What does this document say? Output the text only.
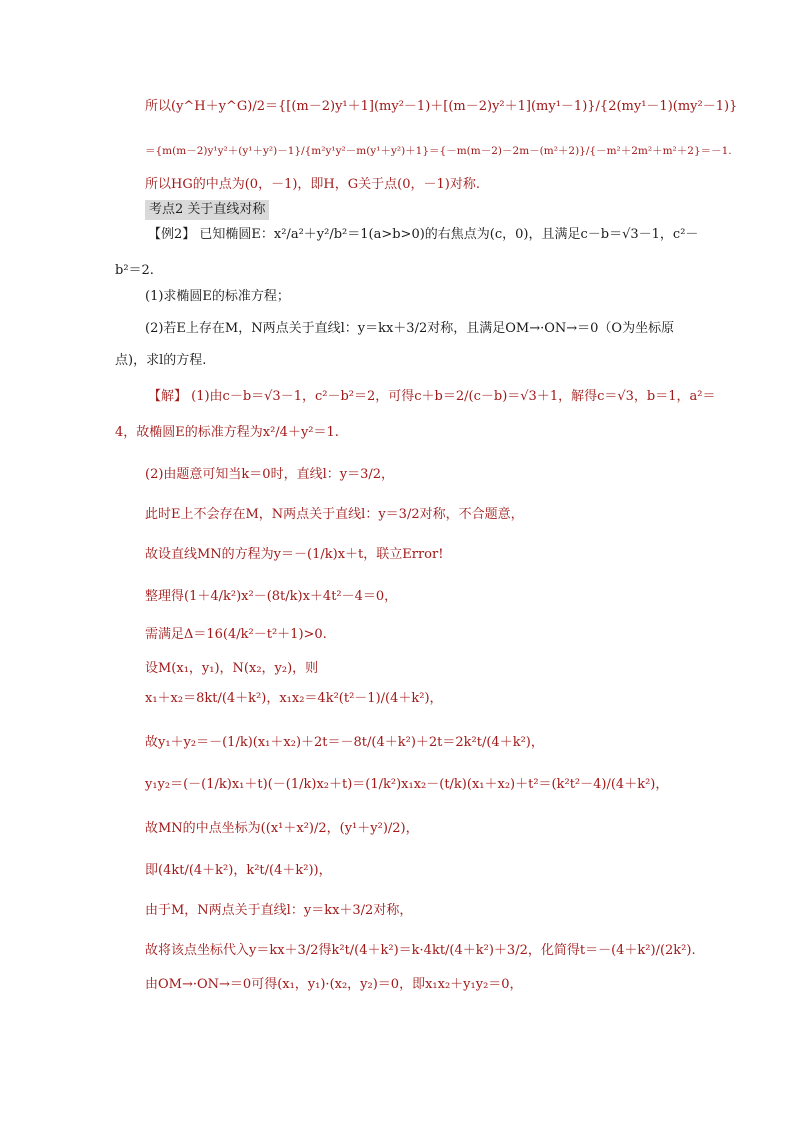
所以(y^H＋y^G)/2＝{[(m－2)y¹＋1](my²－1)＋[(m－2)y²＋1](my¹－1)}/{2(my¹－1)(my²－1)}
＝{m(m－2)y¹y²＋(y¹＋y²)－1}/{m²y¹y²－m(y¹＋y²)＋1}＝{－m(m－2)－2m－(m²＋2)}/{－m²＋2m²＋m²＋2}＝－1.
所以HG的中点为(0，－1)，即H，G关于点(0，－1)对称.
考点2 关于直线对称
【例2】 已知椭圆E：x²/a²＋y²/b²＝1(a>b>0)的右焦点为(c，0)，且满足c－b＝√3－1，c²－
b²＝2.
(1)求椭圆E的标准方程；
(2)若E上存在M，N两点关于直线l：y＝kx＋3/2对称，且满足OM→·ON→＝0（O为坐标原
点)，求l的方程.
【解】 (1)由c－b＝√3－1，c²－b²＝2，可得c＋b＝2/(c－b)＝√3＋1，解得c＝√3，b＝1，a²＝
4，故椭圆E的标准方程为x²/4＋y²＝1.
(2)由题意可知当k＝0时，直线l：y＝3/2，
此时E上不会存在M，N两点关于直线l：y＝3/2对称，不合题意，
故设直线MN的方程为y＝－(1/k)x＋t，联立Error!
整理得(1＋4/k²)x²－(8t/k)x＋4t²－4＝0，
需满足Δ＝16(4/k²－t²＋1)>0.
设M(x₁，y₁)，N(x₂，y₂)，则
x₁＋x₂＝8kt/(4＋k²)，x₁x₂＝4k²(t²－1)/(4＋k²)，
故y₁＋y₂＝－(1/k)(x₁＋x₂)＋2t＝－8t/(4＋k²)＋2t＝2k²t/(4＋k²)，
y₁y₂＝(－(1/k)x₁＋t)(－(1/k)x₂＋t)＝(1/k²)x₁x₂－(t/k)(x₁＋x₂)＋t²＝(k²t²－4)/(4＋k²)，
故MN的中点坐标为((x¹＋x²)/2，(y¹＋y²)/2)，
即(4kt/(4＋k²)，k²t/(4＋k²))，
由于M，N两点关于直线l：y＝kx＋3/2对称，
故将该点坐标代入y＝kx＋3/2得k²t/(4＋k²)＝k·4kt/(4＋k²)＋3/2，化简得t＝－(4＋k²)/(2k²).
由OM→·ON→＝0可得(x₁，y₁)·(x₂，y₂)＝0，即x₁x₂＋y₁y₂＝0，
